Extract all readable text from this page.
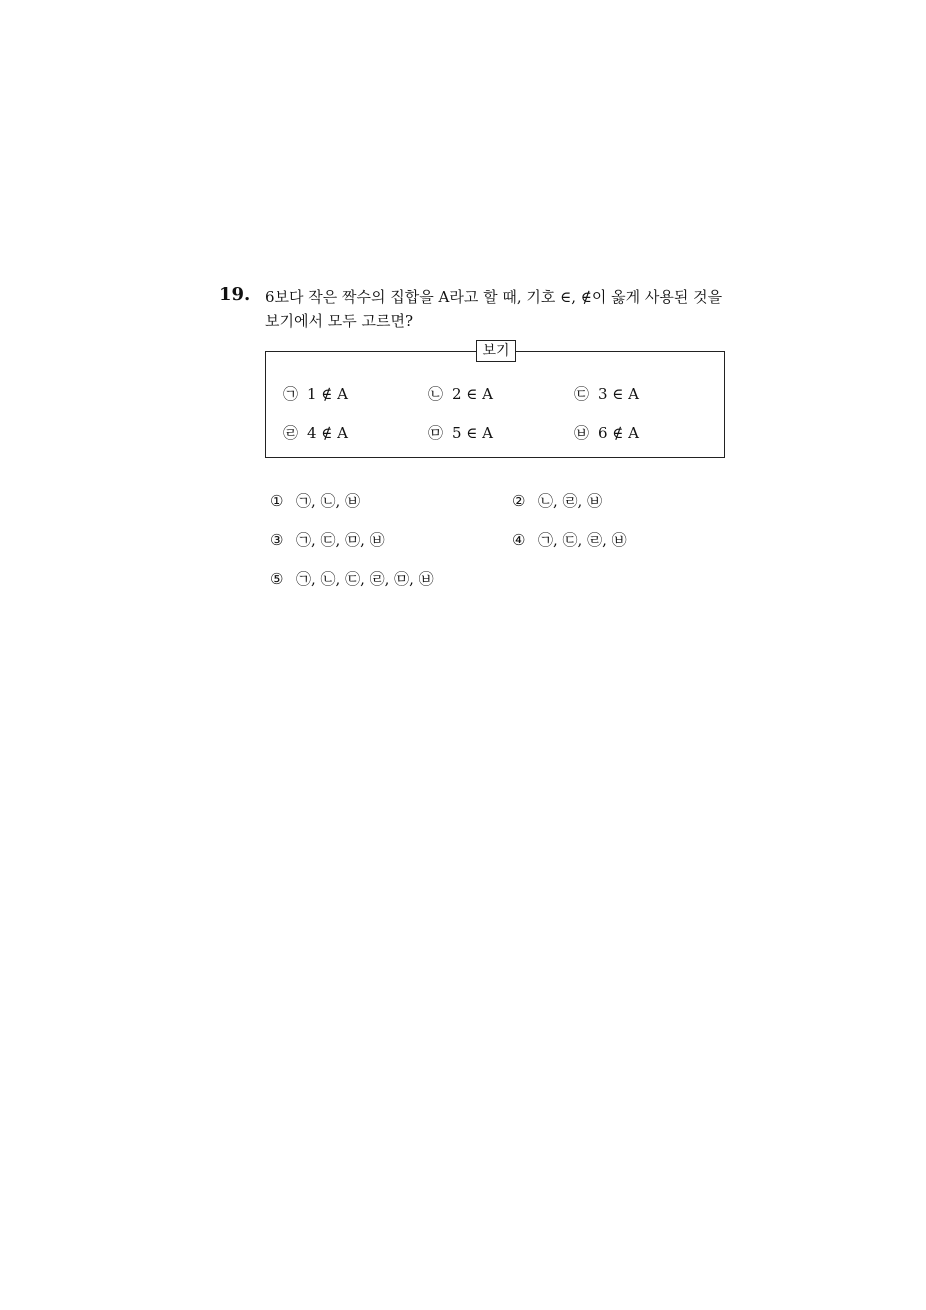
19. 6보다 작은 짝수의 집합을 A라고 할 때, 기호 ∈, ∉이 옳게 사용된 것을
보기에서 모두 고르면?
보기
㉠ 1 ∉ A	㉡ 2 ∈ A	㉢ 3 ∈ A
㉣ 4 ∉ A	㉤ 5 ∈ A	㉥ 6 ∉ A
① ㉠, ㉡, ㉥	② ㉡, ㉣, ㉥
③ ㉠, ㉢, ㉤, ㉥	④ ㉠, ㉢, ㉣, ㉥
⑤ ㉠, ㉡, ㉢, ㉣, ㉤, ㉥
